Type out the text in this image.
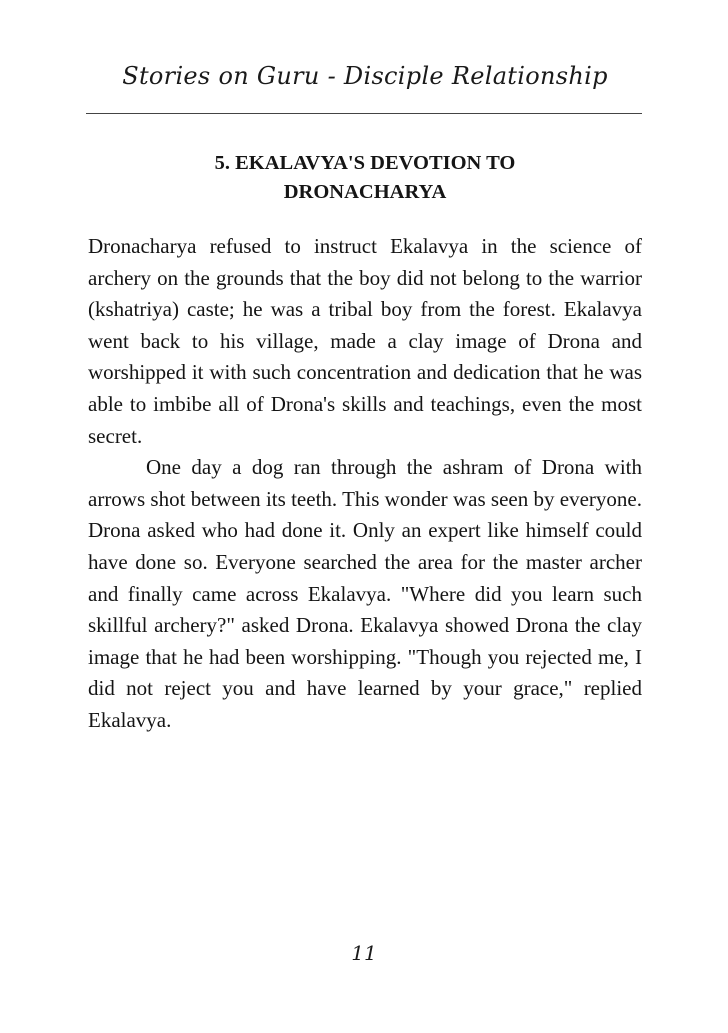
Stories on Guru - Disciple Relationship
5. EKALAVYA'S DEVOTION TO
DRONACHARYA

Dronacharya refused to instruct Ekalavya in the science of archery on the grounds that the boy did not belong to the warrior (kshatriya) caste; he was a tribal boy from the forest. Ekalavya went back to his village, made a clay image of Drona and worshipped it with such concentration and dedication that he was able to imbibe all of Drona's skills and teachings, even the most secret.

One day a dog ran through the ashram of Drona with arrows shot between its teeth. This wonder was seen by everyone. Drona asked who had done it. Only an expert like himself could have done so. Everyone searched the area for the master archer and finally came across Ekalavya. "Where did you learn such skillful archery?" asked Drona. Ekalavya showed Drona the clay image that he had been worshipping. "Though you rejected me, I did not reject you and have learned by your grace," replied Ekalavya.

11
